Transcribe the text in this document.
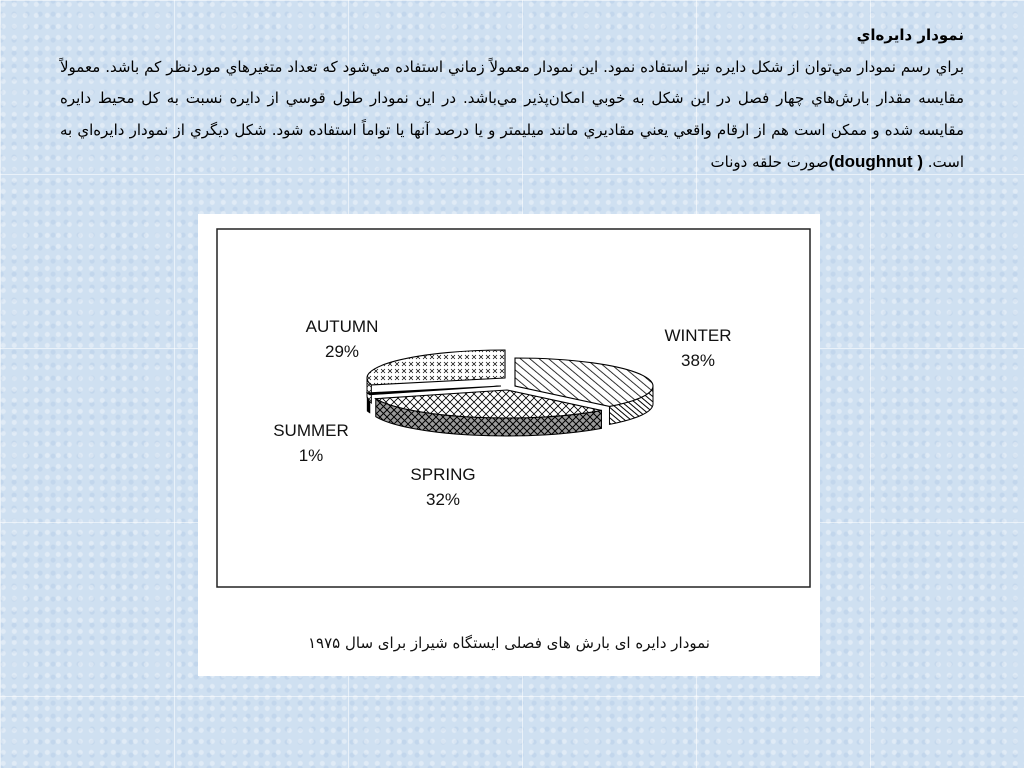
نمودار دايره‌اي
براي رسم نمودار مي‌توان از شكل دايره نيز استفاده نمود. اين نمودار معمولاً زماني استفاده مي‌شود كه تعداد متغيرهاي موردنظر كم باشد. معمولاً مقايسه مقدار بارش‌هاي چهار فصل در اين شكل به خوبي امكان‌پذير مي‌باشد. در اين نمودار طول قوسي از دايره نسبت به كل محيط دايره مقايسه شده و ممكن است هم از ارقام واقعي يعني مقاديري مانند ميليمتر و يا درصد آنها يا تواماً استفاده شود. شكل ديگري از نمودار دايره‌اي به است. (doughnut )صورت حلقه دونات
WINTER
38%
SPRING
32%
SUMMER
1%
AUTUMN
29%
نمودار دایره ای بارش های فصلی ایستگاه شیراز برای سال ۱۹۷۵
